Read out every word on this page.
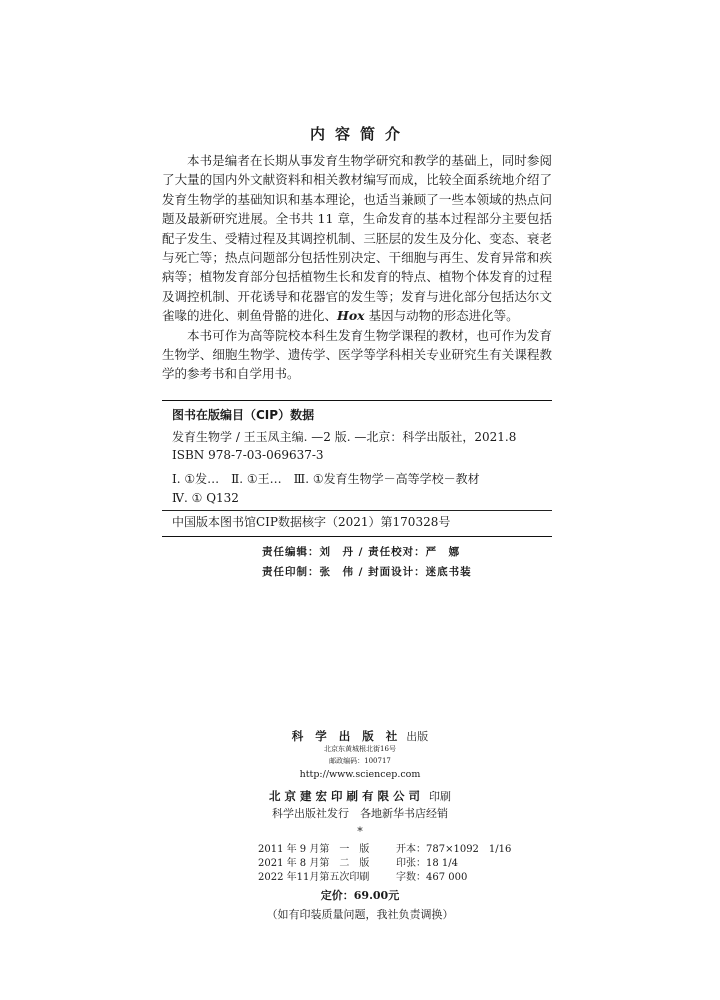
内容简介

本书是编者在长期从事发育生物学研究和教学的基础上，同时参阅了大量的国内外文献资料和相关教材编写而成，比较全面系统地介绍了发育生物学的基础知识和基本理论，也适当兼顾了一些本领域的热点问题及最新研究进展。全书共 11 章，生命发育的基本过程部分主要包括配子发生、受精过程及其调控机制、三胚层的发生及分化、变态、衰老与死亡等；热点问题部分包括性别决定、干细胞与再生、发育异常和疾病等；植物发育部分包括植物生长和发育的特点、植物个体发育的过程及调控机制、开花诱导和花器官的发生等；发育与进化部分包括达尔文雀喙的进化、刺鱼骨骼的进化、Hox 基因与动物的形态进化等。

本书可作为高等院校本科生发育生物学课程的教材，也可作为发育生物学、细胞生物学、遗传学、医学等学科相关专业研究生有关课程教学的参考书和自学用书。

图书在版编目（CIP）数据
发育生物学 / 王玉凤主编. —2 版. —北京：科学出版社，2021.8
ISBN 978-7-03-069637-3
Ⅰ. ①发…　Ⅱ. ①王…　Ⅲ. ①发育生物学－高等学校－教材
Ⅳ. ① Q132
中国版本图书馆CIP数据核字（2021）第170328号
责任编辑：刘　丹 / 责任校对：严　娜
责任印制：张　伟 / 封面设计：迷底书装
科 学 出 版 社 出版
北京东黄城根北街16号
邮政编码：100717
http://www.sciencep.com
北京建宏印刷有限公司 印刷
科学出版社发行　各地新华书店经销
*
2011 年 9 月第　一　版	开本：787×1092　1/16
2021 年 8 月第　二　版	印张：18 1/4
2022 年11月第五次印刷	字数：467 000
定价：69.00元
（如有印装质量问题，我社负责调换）
